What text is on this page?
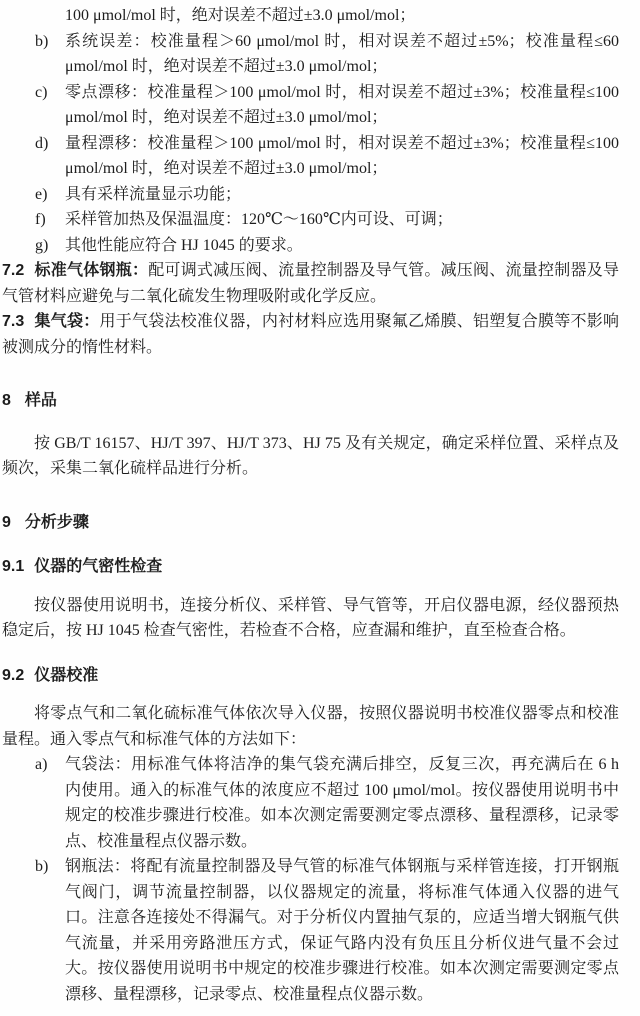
100 μmol/mol 时，绝对误差不超过±3.0 μmol/mol；

b)	系统误差：校准量程＞60 μmol/mol 时，相对误差不超过±5%；校准量程≤60 μmol/mol 时，绝对误差不超过±3.0 μmol/mol；
c)	零点漂移：校准量程＞100 μmol/mol 时，相对误差不超过±3%；校准量程≤100 μmol/mol 时，绝对误差不超过±3.0 μmol/mol；
d)	量程漂移：校准量程＞100 μmol/mol 时，相对误差不超过±3%；校准量程≤100 μmol/mol 时，绝对误差不超过±3.0 μmol/mol；
e)	具有采样流量显示功能；
f)	采样管加热及保温温度：120℃～160℃内可设、可调；
g)	其他性能应符合 HJ 1045 的要求。

7.2 标准气体钢瓶：配可调式减压阀、流量控制器及导气管。减压阀、流量控制器及导气管材料应避免与二氧化硫发生物理吸附或化学反应。

7.3 集气袋：用于气袋法校准仪器，内衬材料应选用聚氟乙烯膜、铝塑复合膜等不影响被测成分的惰性材料。

8 样品

按 GB/T 16157、HJ/T 397、HJ/T 373、HJ 75 及有关规定，确定采样位置、采样点及频次，采集二氧化硫样品进行分析。

9 分析步骤

9.1 仪器的气密性检查

按仪器使用说明书，连接分析仪、采样管、导气管等，开启仪器电源，经仪器预热稳定后，按 HJ 1045 检查气密性，若检查不合格，应查漏和维护，直至检查合格。

9.2 仪器校准

将零点气和二氧化硫标准气体依次导入仪器，按照仪器说明书校准仪器零点和校准量程。通入零点气和标准气体的方法如下：

a)	气袋法：用标准气体将洁净的集气袋充满后排空，反复三次，再充满后在 6 h 内使用。通入的标准气体的浓度应不超过 100 μmol/mol。按仪器使用说明书中规定的校准步骤进行校准。如本次测定需要测定零点漂移、量程漂移，记录零点、校准量程点仪器示数。
b)	钢瓶法：将配有流量控制器及导气管的标准气体钢瓶与采样管连接，打开钢瓶气阀门，调节流量控制器，以仪器规定的流量，将标准气体通入仪器的进气口。注意各连接处不得漏气。对于分析仪内置抽气泵的，应适当增大钢瓶气供气流量，并采用旁路泄压方式，保证气路内没有负压且分析仪进气量不会过大。按仪器使用说明书中规定的校准步骤进行校准。如本次测定需要测定零点漂移、量程漂移，记录零点、校准量程点仪器示数。
